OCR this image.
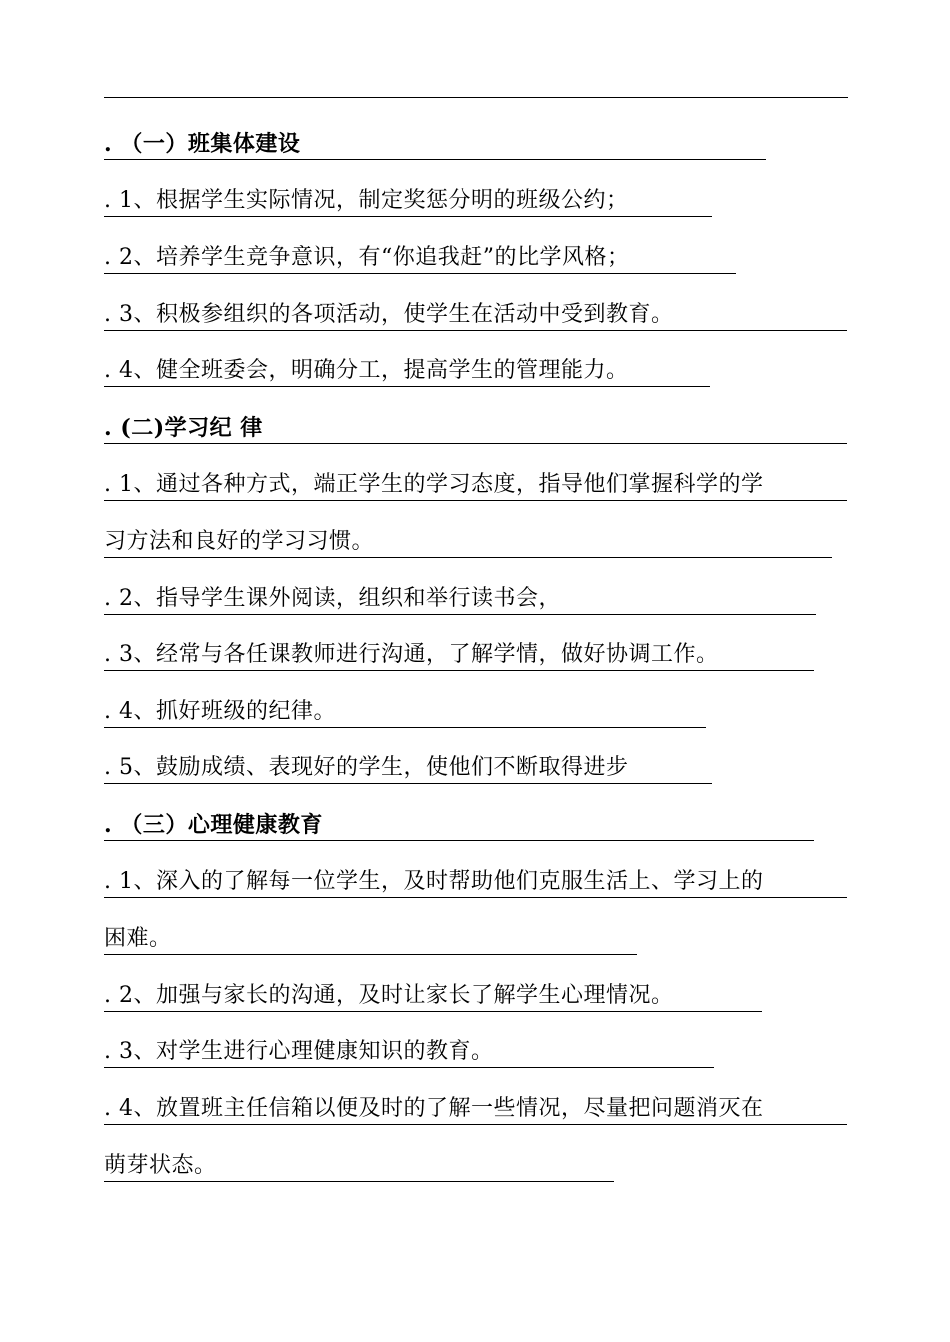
. （一）班集体建设
. 1、根据学生实际情况，制定奖惩分明的班级公约；
. 2、培养学生竞争意识，有“你追我赶”的比学风格；
. 3、积极参组织的各项活动，使学生在活动中受到教育。
. 4、健全班委会，明确分工，提高学生的管理能力。
. (二)学习纪 律
. 1、通过各种方式，端正学生的学习态度，指导他们掌握科学的学
习方法和良好的学习习惯。
. 2、指导学生课外阅读，组织和举行读书会，
. 3、经常与各任课教师进行沟通，了解学情，做好协调工作。
. 4、抓好班级的纪律。
. 5、鼓励成绩、表现好的学生，使他们不断取得进步
. （三）心理健康教育
. 1、深入的了解每一位学生，及时帮助他们克服生活上、学习上的
困难。
. 2、加强与家长的沟通，及时让家长了解学生心理情况。
. 3、对学生进行心理健康知识的教育。
. 4、放置班主任信箱以便及时的了解一些情况，尽量把问题消灭在
萌芽状态。
